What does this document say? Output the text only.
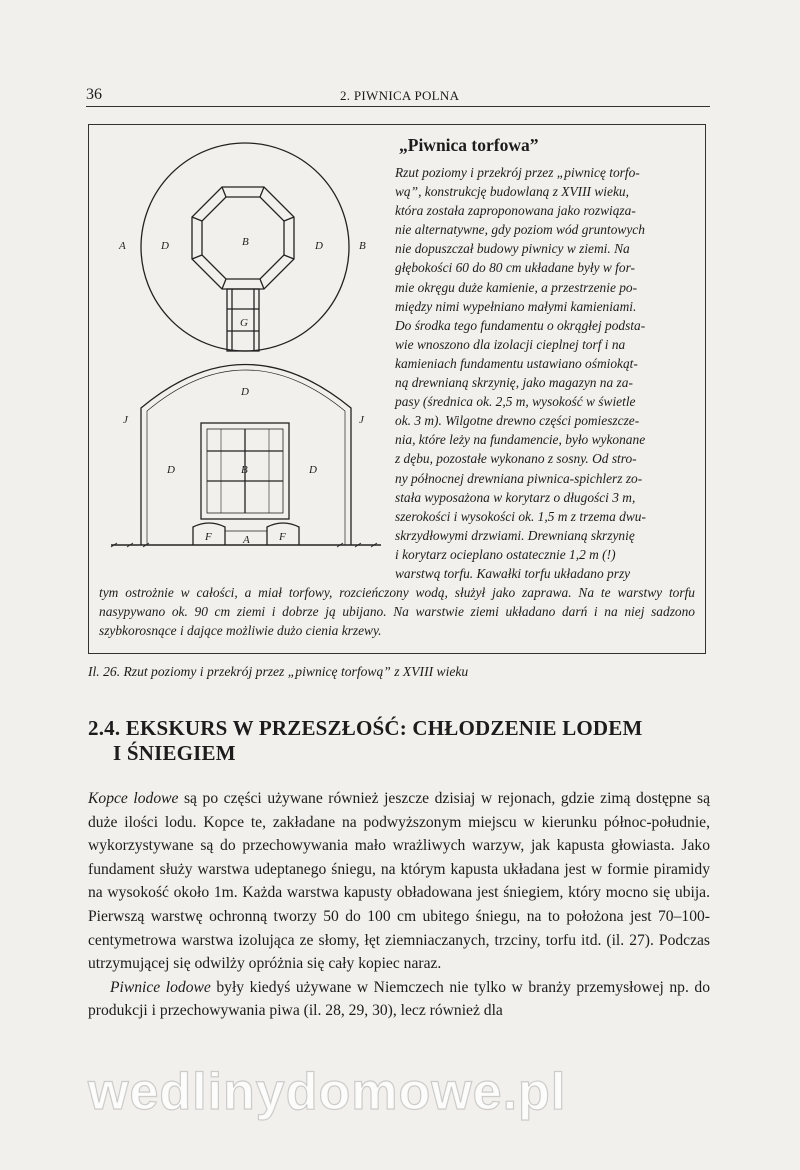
36	2. PIWNICA POLNA
A	D	B	D	B
G
D
J	J
D	B	D
F	A	F
„Piwnica torfowa”
Rzut poziomy i przekrój przez „piwnicę torfo-
wą”, konstrukcję budowlaną z XVIII wieku,
która została zaproponowana jako rozwiąza-
nie alternatywne, gdy poziom wód gruntowych
nie dopuszczał budowy piwnicy w ziemi. Na
głębokości 60 do 80 cm układane były w for-
mie okręgu duże kamienie, a przestrzenie po-
między nimi wypełniano małymi kamieniami.
Do środka tego fundamentu o okrągłej podsta-
wie wnoszono dla izolacji cieplnej torf i na
kamieniach fundamentu ustawiano ośmiokąt-
ną drewnianą skrzynię, jako magazyn na za-
pasy (średnica ok. 2,5 m, wysokość w świetle
ok. 3 m). Wilgotne drewno części pomieszcze-
nia, które leży na fundamencie, było wykonane
z dębu, pozostałe wykonano z sosny. Od stro-
ny północnej drewniana piwnica-spichlerz zo-
stała wyposażona w korytarz o długości 3 m,
szerokości i wysokości ok. 1,5 m z trzema dwu-
skrzydłowymi drzwiami. Drewnianą skrzynię
i korytarz ocieplano ostatecznie 1,2 m (!)
warstwą torfu. Kawałki torfu układano przy
tym ostrożnie w całości, a miał torfowy, rozcieńczony wodą, służył jako zaprawa. Na te warstwy torfu nasypywano ok. 90 cm ziemi i dobrze ją ubijano. Na warstwie ziemi układano darń i na niej sadzono szybkorosnące i dające możliwie dużo cienia krzewy.
Il. 26. Rzut poziomy i przekrój przez „piwnicę torfową” z XVIII wieku
2.4. EKSKURS W PRZESZŁOŚĆ: CHŁODZENIE LODEM
I ŚNIEGIEM

Kopce lodowe są po części używane również jeszcze dzisiaj w rejonach, gdzie zimą dostępne są duże ilości lodu. Kopce te, zakładane na podwyższonym miejscu w kierunku północ-południe, wykorzystywane są do przechowywania mało wrażliwych warzyw, jak kapusta głowiasta. Jako fundament służy warstwa udeptanego śniegu, na którym kapusta układana jest w formie piramidy na wysokość około 1m. Każda warstwa kapusty obładowana jest śniegiem, który mocno się ubija. Pierwszą warstwę ochronną tworzy 50 do 100 cm ubitego śniegu, na to położona jest 70–100-centymetrowa warstwa izolująca ze słomy, łęt ziemniaczanych, trzciny, torfu itd. (il. 27). Podczas utrzymującej się odwilży opróżnia się cały kopiec naraz.

Piwnice lodowe były kiedyś używane w Niemczech nie tylko w branży przemysłowej np. do produkcji i przechowywania piwa (il. 28, 29, 30), lecz również dla

wedlinydomowe.pl
